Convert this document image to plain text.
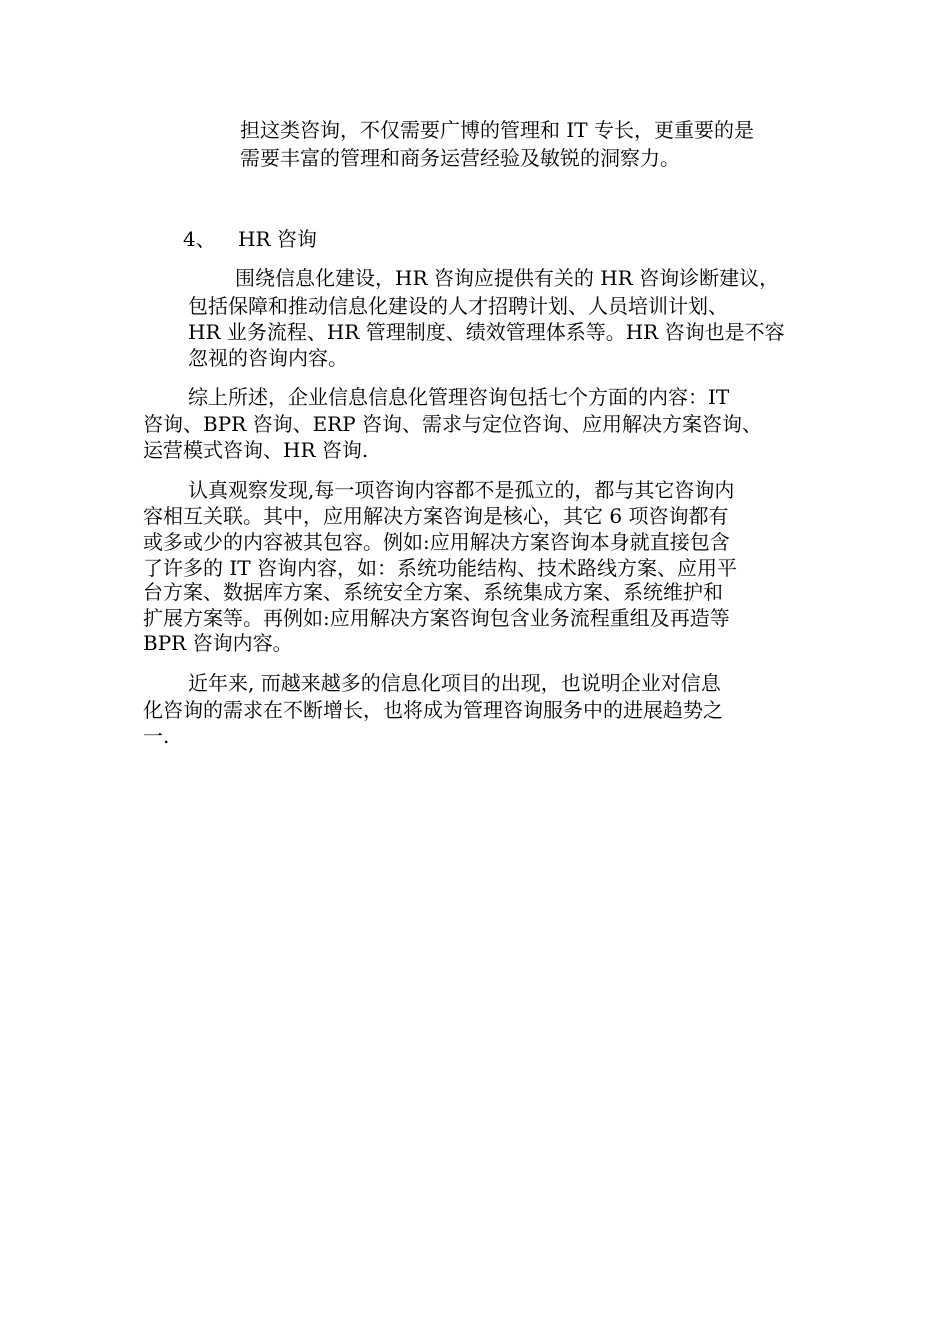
担这类咨询，不仅需要广博的管理和 IT 专长，更重要的是
需要丰富的管理和商务运营经验及敏锐的洞察力。
4、 HR 咨询
围绕信息化建设，HR 咨询应提供有关的 HR 咨询诊断建议，
包括保障和推动信息化建设的人才招聘计划、人员培训计划、
HR 业务流程、HR 管理制度、绩效管理体系等。HR 咨询也是不容
忽视的咨询内容。
综上所述，企业信息信息化管理咨询包括七个方面的内容：IT
咨询、BPR 咨询、ERP 咨询、需求与定位咨询、应用解决方案咨询、
运营模式咨询、HR 咨询.
认真观察发现,每一项咨询内容都不是孤立的，都与其它咨询内
容相互关联。其中，应用解决方案咨询是核心，其它 6 项咨询都有
或多或少的内容被其包容。例如:应用解决方案咨询本身就直接包含
了许多的 IT 咨询内容，如：系统功能结构、技术路线方案、应用平
台方案、数据库方案、系统安全方案、系统集成方案、系统维护和
扩展方案等。再例如:应用解决方案咨询包含业务流程重组及再造等
BPR 咨询内容。
近年来, 而越来越多的信息化项目的出现，也说明企业对信息
化咨询的需求在不断增长，也将成为管理咨询服务中的进展趋势之
一.
